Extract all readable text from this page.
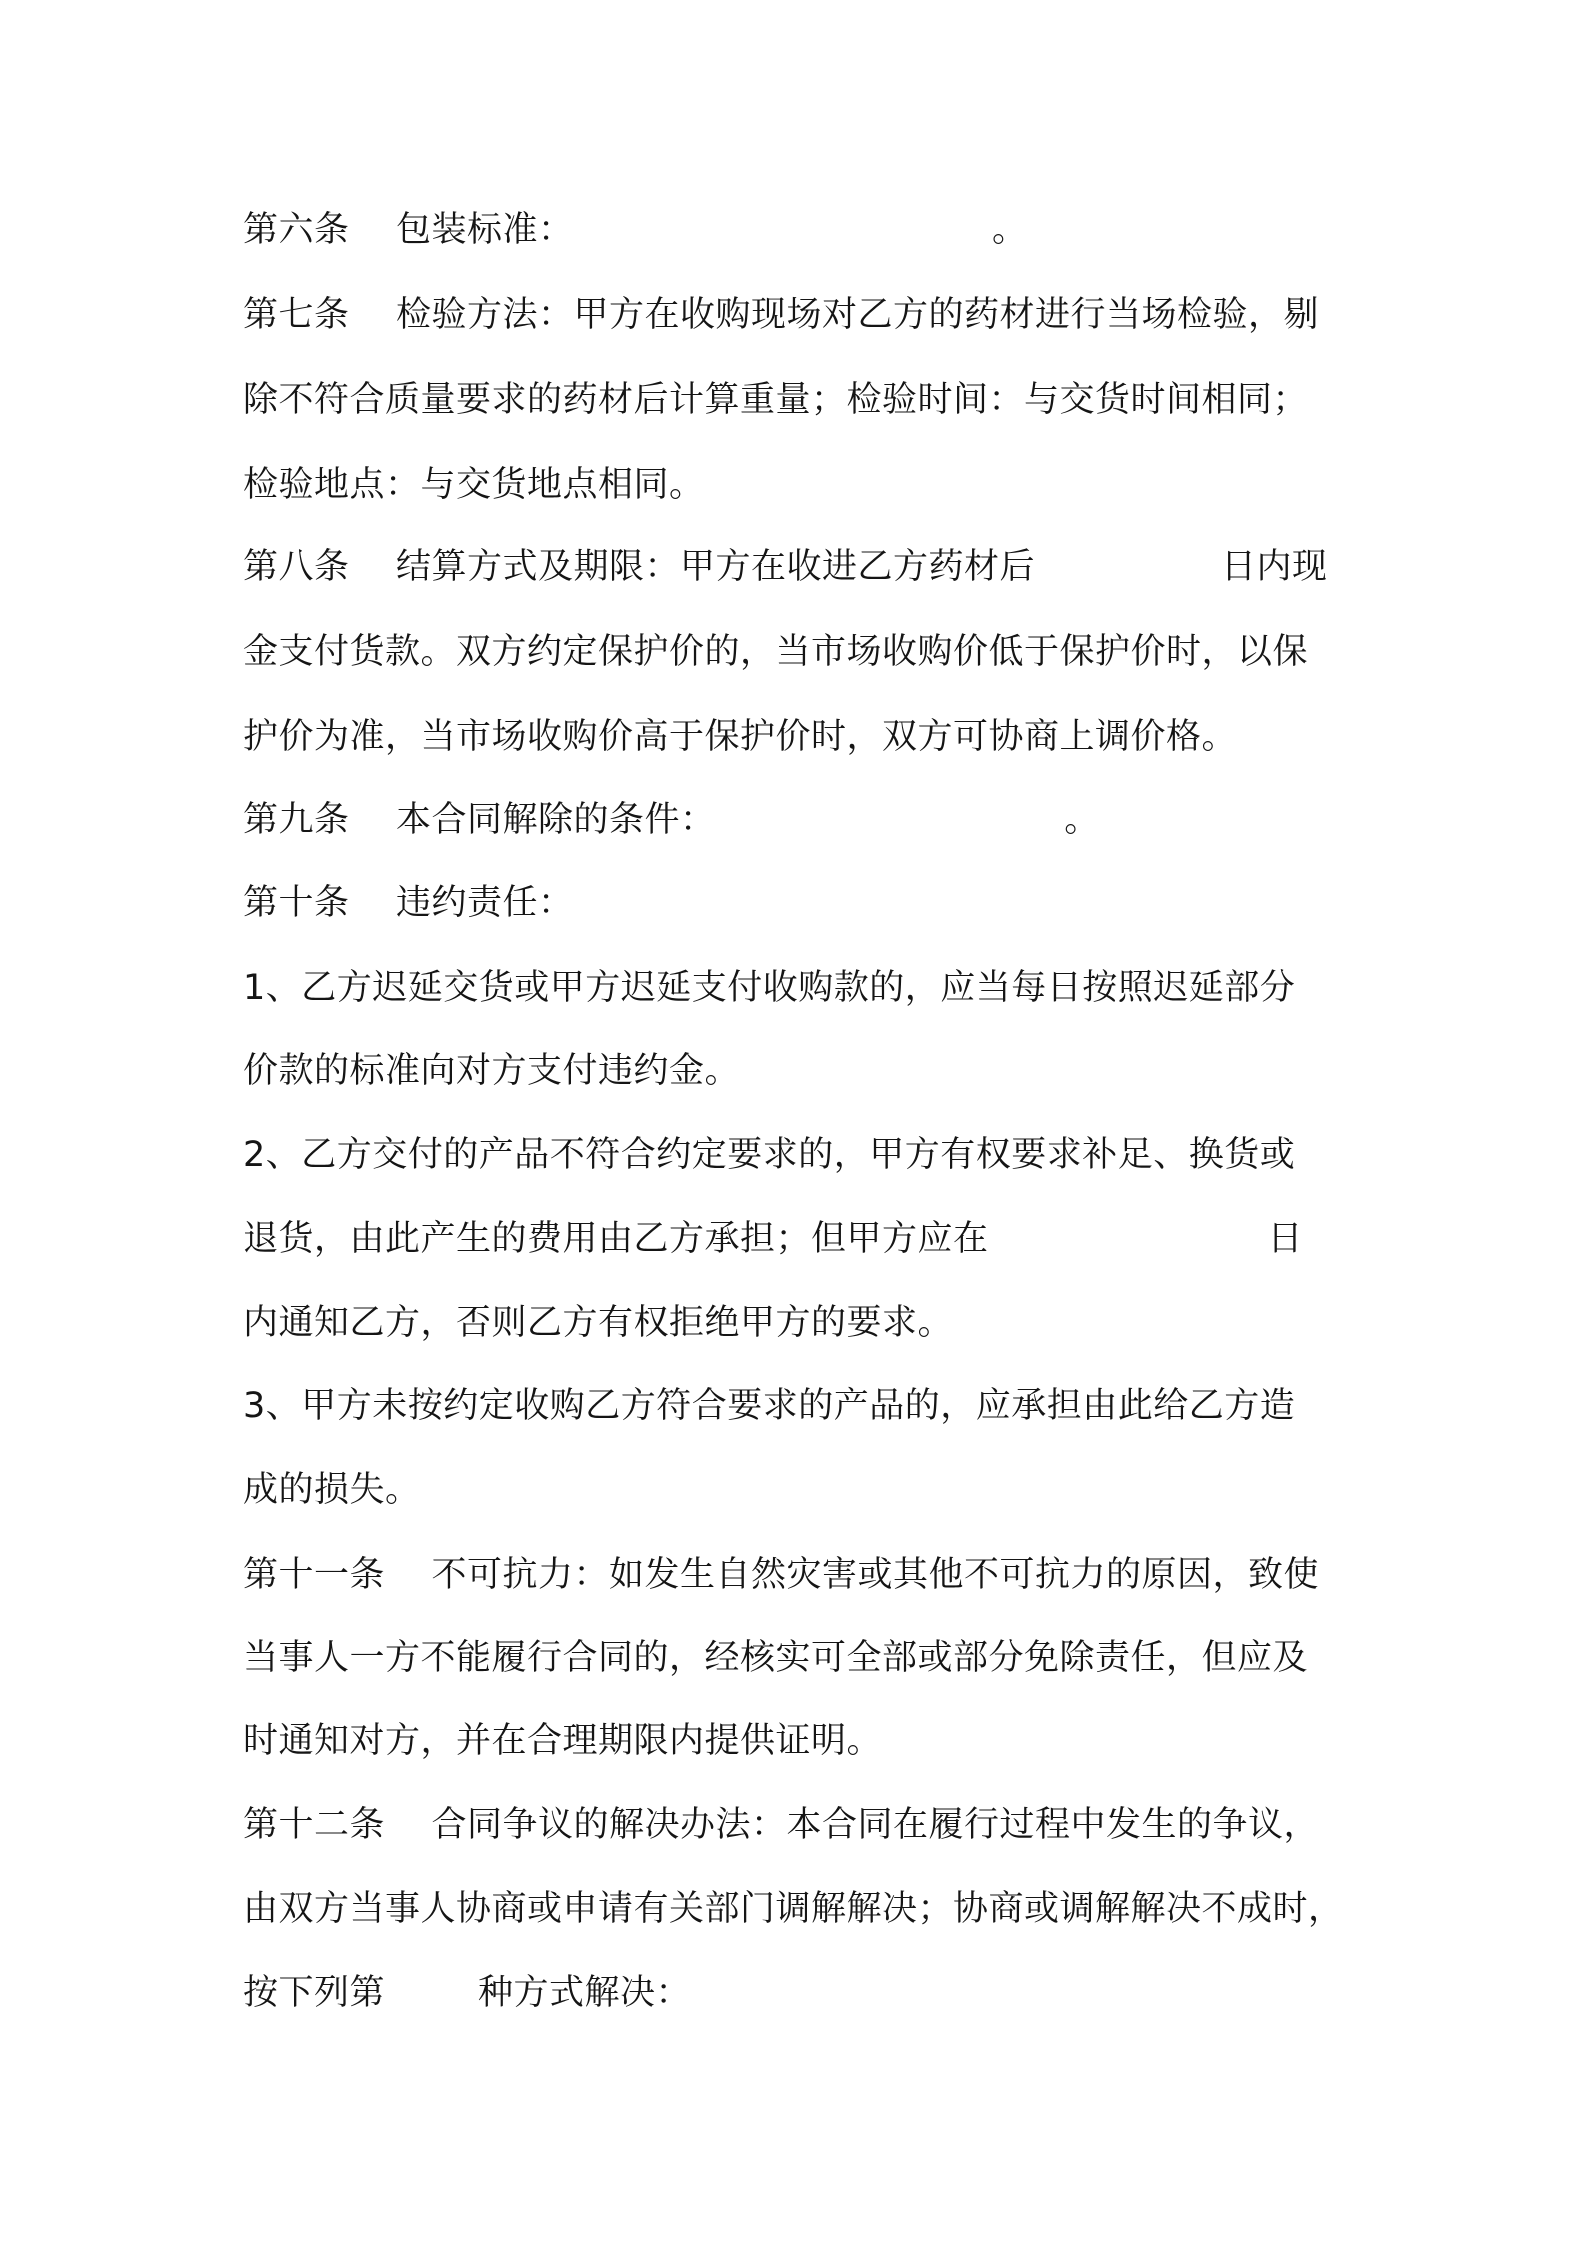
第六条    包装标准：                                    。
第七条    检验方法：甲方在收购现场对乙方的药材进行当场检验，剔
除不符合质量要求的药材后计算重量；检验时间：与交货时间相同；
检验地点：与交货地点相同。
第八条    结算方式及期限：甲方在收进乙方药材后                日内现
金支付货款。双方约定保护价的，当市场收购价低于保护价时，以保
护价为准，当市场收购价高于保护价时，双方可协商上调价格。
第九条    本合同解除的条件：                              。
第十条    违约责任：
1、乙方迟延交货或甲方迟延支付收购款的，应当每日按照迟延部分
价款的标准向对方支付违约金。
2、乙方交付的产品不符合约定要求的，甲方有权要求补足、换货或
退货，由此产生的费用由乙方承担；但甲方应在                        日
内通知乙方，否则乙方有权拒绝甲方的要求。
3、甲方未按约定收购乙方符合要求的产品的，应承担由此给乙方造
成的损失。
第十一条    不可抗力：如发生自然灾害或其他不可抗力的原因，致使
当事人一方不能履行合同的，经核实可全部或部分免除责任，但应及
时通知对方，并在合理期限内提供证明。
第十二条    合同争议的解决办法：本合同在履行过程中发生的争议，
由双方当事人协商或申请有关部门调解解决；协商或调解解决不成时，
按下列第        种方式解决：
